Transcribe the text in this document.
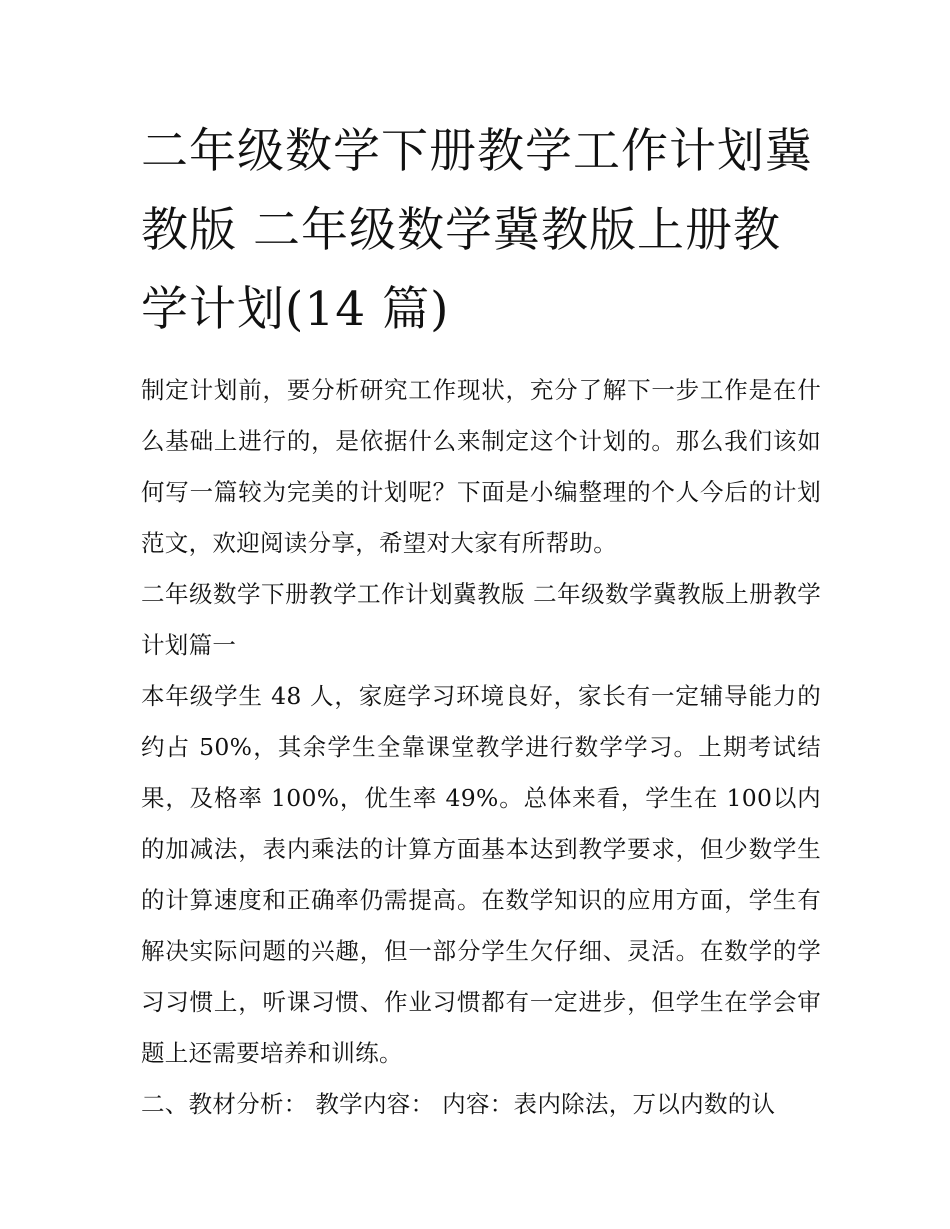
二年级数学下册教学工作计划冀教版 二年级数学冀教版上册教学计划(14 篇)

制定计划前，要分析研究工作现状，充分了解下一步工作是在什么基础上进行的，是依据什么来制定这个计划的。那么我们该如何写一篇较为完美的计划呢？下面是小编整理的个人今后的计划范文，欢迎阅读分享，希望对大家有所帮助。

二年级数学下册教学工作计划冀教版 二年级数学冀教版上册教学计划篇一

本年级学生 48 人，家庭学习环境良好，家长有一定辅导能力的约占 50%，其余学生全靠课堂教学进行数学学习。上期考试结果，及格率 100%，优生率 49%。总体来看，学生在 100以内的加减法，表内乘法的计算方面基本达到教学要求，但少数学生的计算速度和正确率仍需提高。在数学知识的应用方面，学生有解决实际问题的兴趣，但一部分学生欠仔细、灵活。在数学的学习习惯上，听课习惯、作业习惯都有一定进步，但学生在学会审题上还需要培养和训练。

二、教材分析： 教学内容： 内容：表内除法，万以内数的认
